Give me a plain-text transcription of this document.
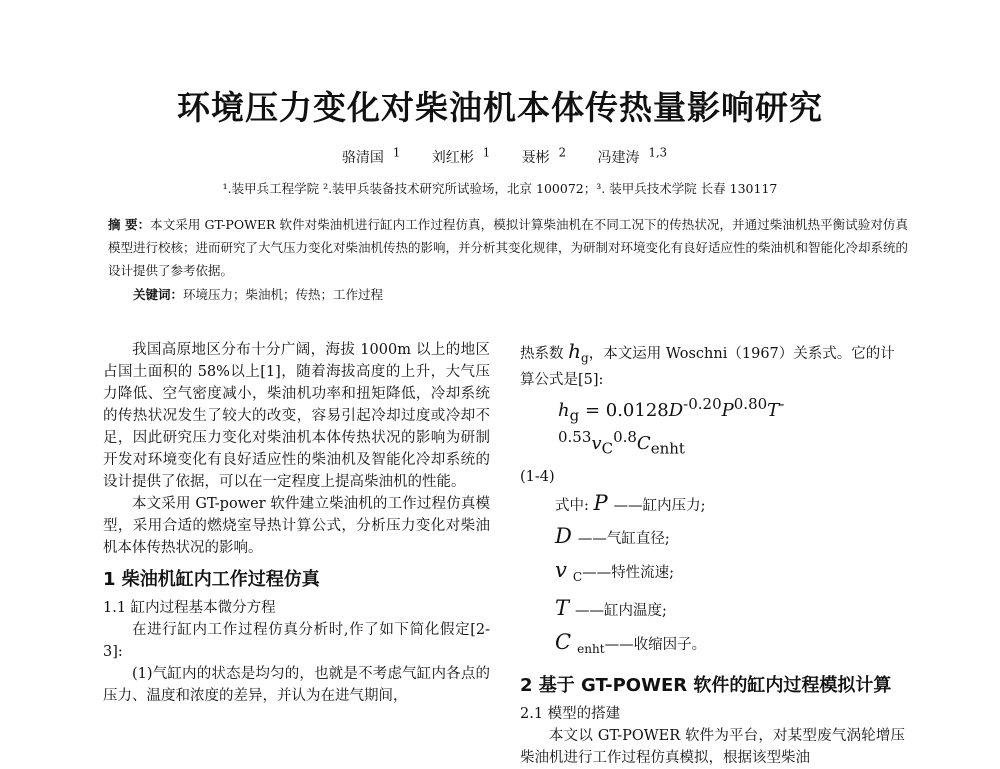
环境压力变化对柴油机本体传热量影响研究
骆清国 $^1$ 刘红彬 $^1$ 聂彬 $^2$ 冯建涛 $^{1,3}$
¹.装甲兵工程学院 ².装甲兵装备技术研究所试验场，北京 100072；³. 装甲兵技术学院 长春 130117
摘 要：本文采用 GT-POWER 软件对柴油机进行缸内工作过程仿真，模拟计算柴油机在不同工况下的传热状况，并通过柴油机热平衡试验对仿真模型进行校核；进而研究了大气压力变化对柴油机传热的影响，并分析其变化规律，为研制对环境变化有良好适应性的柴油机和智能化冷却系统的设计提供了参考依据。
关键词：环境压力；柴油机；传热；工作过程

我国高原地区分布十分广阔，海拔 1000m 以上的地区占国土面积的 58%以上[1]，随着海拔高度的上升，大气压力降低、空气密度减小，柴油机功率和扭矩降低，冷却系统的传热状况发生了较大的改变，容易引起冷却过度或冷却不足，因此研究压力变化对柴油机本体传热状况的影响为研制开发对环境变化有良好适应性的柴油机及智能化冷却系统的设计提供了依据，可以在一定程度上提高柴油机的性能。

本文采用 GT-power 软件建立柴油机的工作过程仿真模型，采用合适的燃烧室导热计算公式，分析压力变化对柴油机本体传热状况的影响。

1 柴油机缸内工作过程仿真
1.1 缸内过程基本微分方程

在进行缸内工作过程仿真分析时,作了如下简化假定[2-3]:

(1)气缸内的状态是均匀的，也就是不考虑气缸内各点的压力、温度和浓度的差异，并认为在进气期间，

热系数 $h_g$，本文运用 Woschni（1967）关系式。它的计算公式是[5]:

$h_g = 0.0128D^{-0.20}P^{0.80}T^{-0.53}v_C^{0.8}C_{enht}$

(1-4)

式中: P ——缸内压力;
D ——气缸直径;
v $_C$——特性流速;
T ——缸内温度;
C $_{enht}$——收缩因子。
2 基于 GT-POWER 软件的缸内过程模拟计算
2.1 模型的搭建

本文以 GT-POWER 软件为平台，对某型废气涡轮增压柴油机进行工作过程仿真模拟，根据该型柴油
